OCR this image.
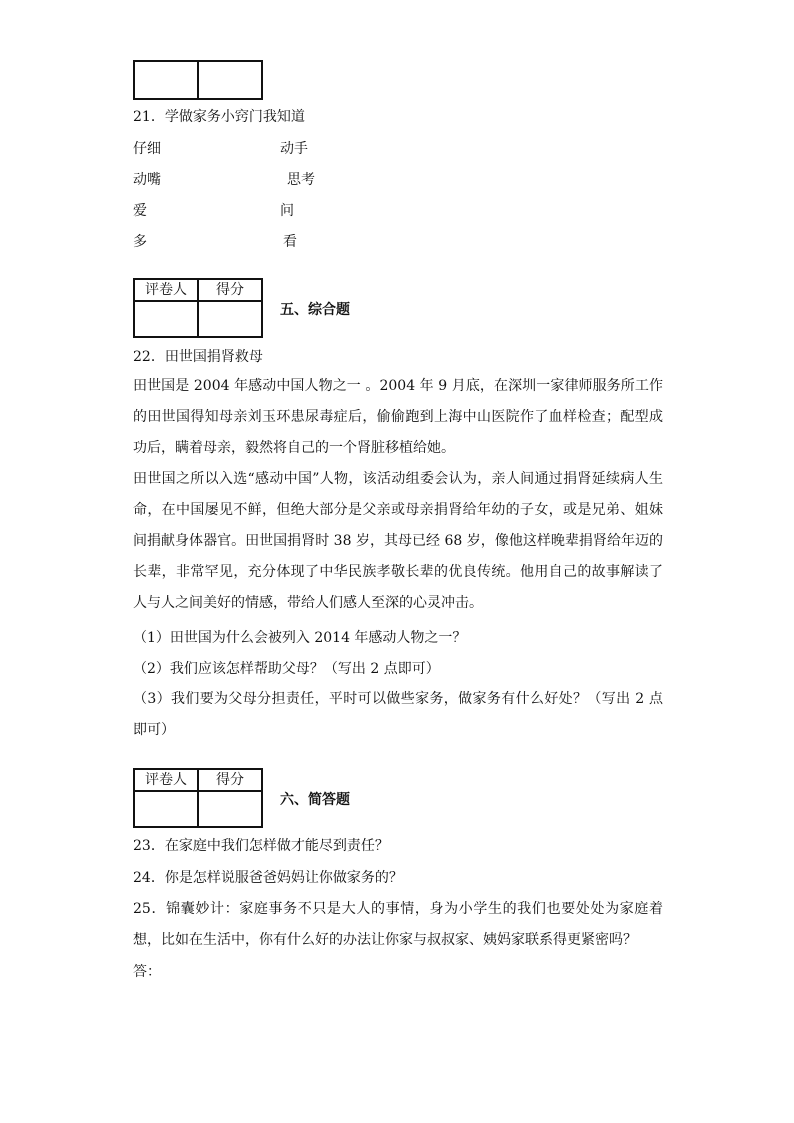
21．学做家务小窍门我知道
仔细	动手
动嘴	思考
爱	问
多	看
评卷人	得分

五、综合题
22．田世国捐肾救母

田世国是 2004 年感动中国人物之一 。2004 年 9 月底，在深圳一家律师服务所工作的田世国得知母亲刘玉环患尿毒症后，偷偷跑到上海中山医院作了血样检查；配型成功后，瞒着母亲，毅然将自己的一个肾脏移植给她。

田世国之所以入选“感动中国”人物，该活动组委会认为，亲人间通过捐肾延续病人生命，在中国屡见不鲜，但绝大部分是父亲或母亲捐肾给年幼的子女，或是兄弟、姐妹间捐献身体器官。田世国捐肾时 38 岁，其母已经 68 岁，像他这样晚辈捐肾给年迈的长辈，非常罕见，充分体现了中华民族孝敬长辈的优良传统。他用自己的故事解读了人与人之间美好的情感，带给人们感人至深的心灵冲击。

（1）田世国为什么会被列入 2014 年感动人物之一？
（2）我们应该怎样帮助父母？（写出 2 点即可）

（3）我们要为父母分担责任，平时可以做些家务，做家务有什么好处？（写出 2 点即可）

评卷人	得分

六、简答题
23．在家庭中我们怎样做才能尽到责任？
24．你是怎样说服爸爸妈妈让你做家务的？

25．锦囊妙计：家庭事务不只是大人的事情，身为小学生的我们也要处处为家庭着想，比如在生活中，你有什么好的办法让你家与叔叔家、姨妈家联系得更紧密吗？

答：
